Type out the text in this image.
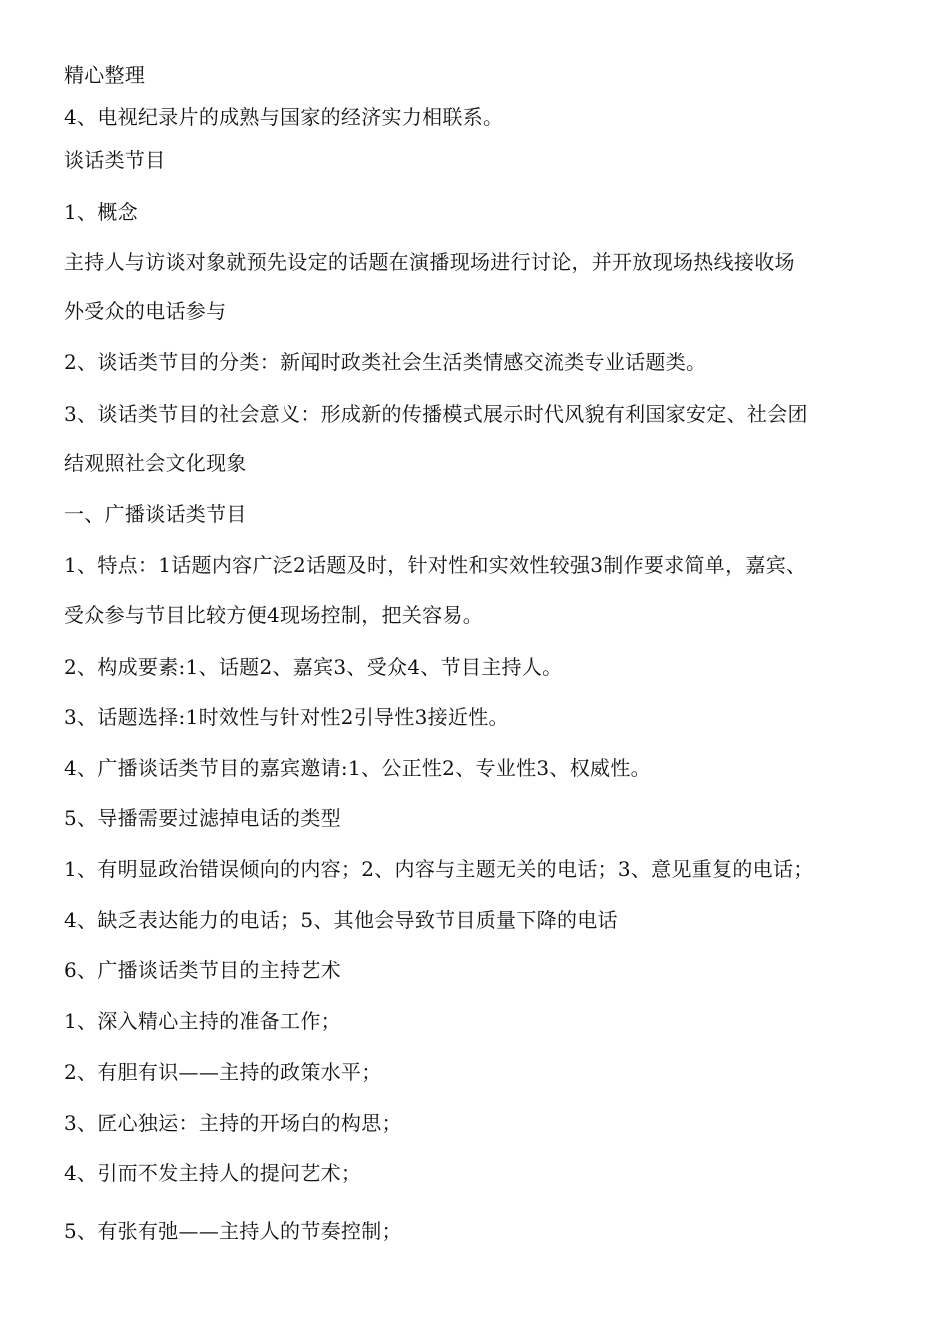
精心整理
4、电视纪录片的成熟与国家的经济实力相联系。
谈话类节目
1、概念
主持人与访谈对象就预先设定的话题在演播现场进行讨论，并开放现场热线接收场
外受众的电话参与
2、谈话类节目的分类：新闻时政类社会生活类情感交流类专业话题类。
3、谈话类节目的社会意义：形成新的传播模式展示时代风貌有利国家安定、社会团
结观照社会文化现象
一、广播谈话类节目
1、特点：1话题内容广泛2话题及时，针对性和实效性较强3制作要求简单，嘉宾、
受众参与节目比较方便4现场控制，把关容易。
2、构成要素:1、话题2、嘉宾3、受众4、节目主持人。
3、话题选择:1时效性与针对性2引导性3接近性。
4、广播谈话类节目的嘉宾邀请:1、公正性2、专业性3、权威性。
5、导播需要过滤掉电话的类型
1、有明显政治错误倾向的内容；2、内容与主题无关的电话；3、意见重复的电话；
4、缺乏表达能力的电话；5、其他会导致节目质量下降的电话
6、广播谈话类节目的主持艺术
1、深入精心主持的准备工作；
2、有胆有识——主持的政策水平；
3、匠心独运：主持的开场白的构思；
4、引而不发主持人的提问艺术；
5、有张有弛——主持人的节奏控制；
